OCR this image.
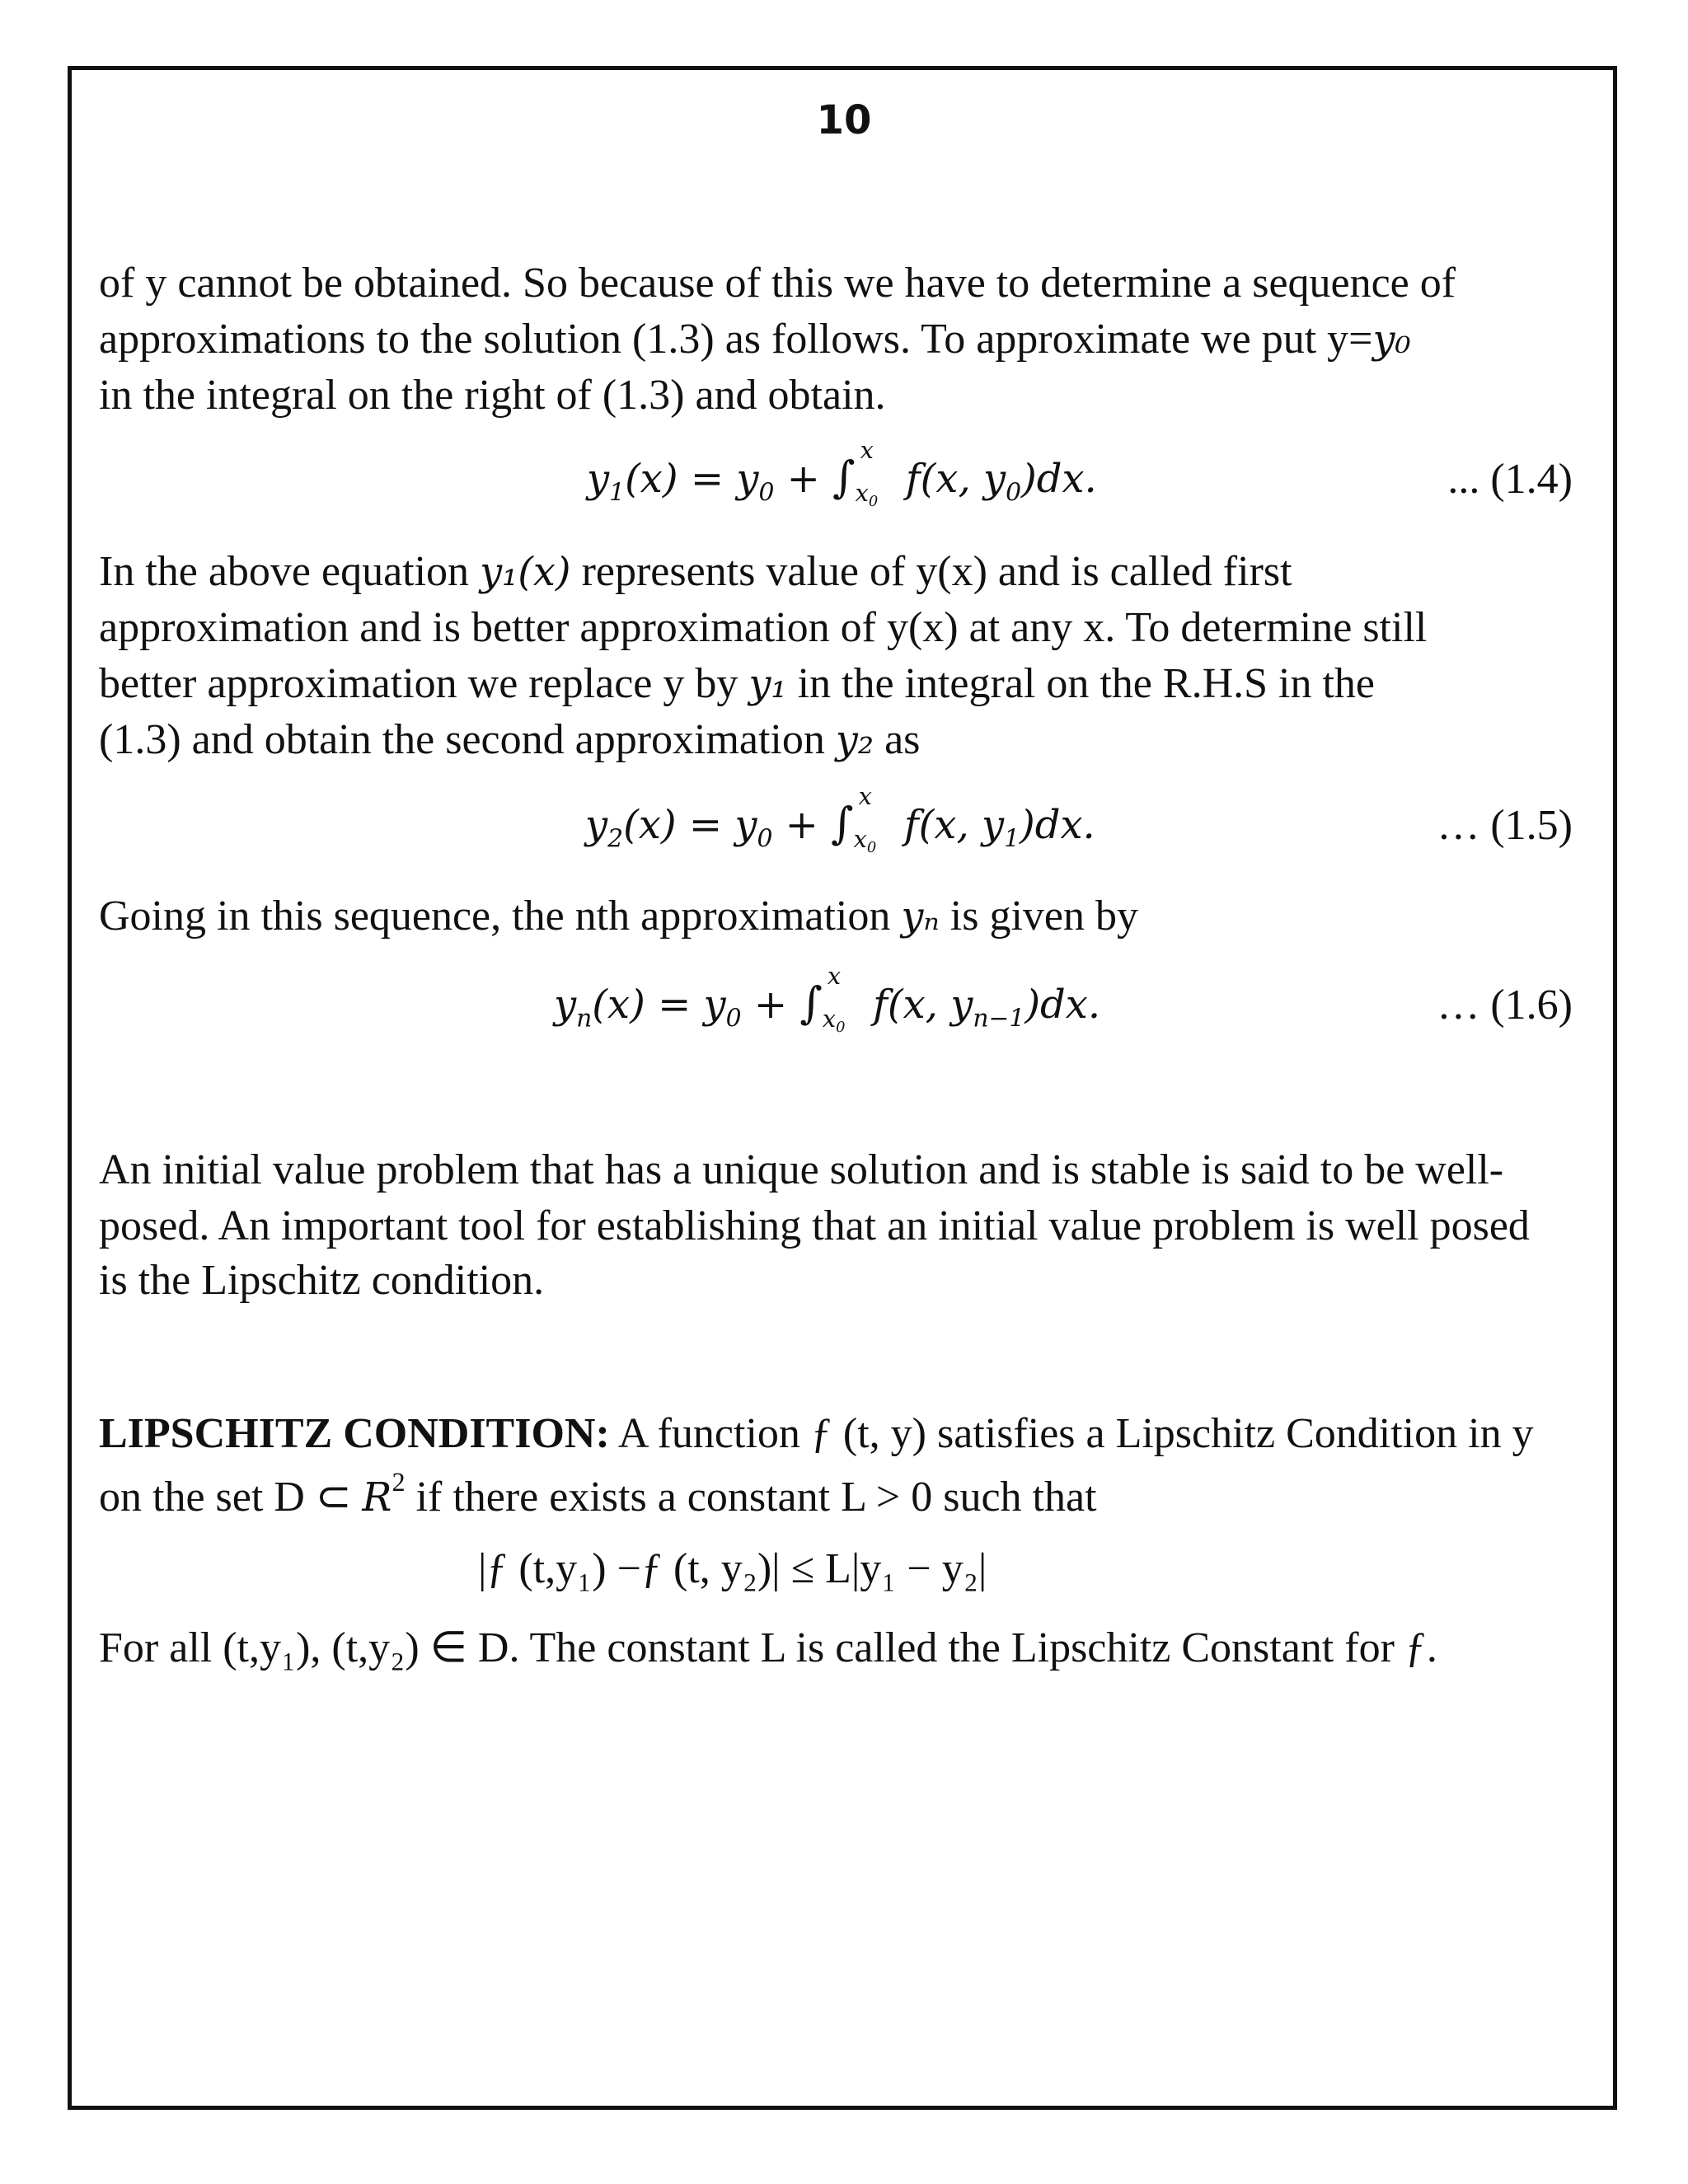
10
of y cannot be obtained. So because of this we have to determine a sequence of
approximations to the solution (1.3) as follows. To approximate we put y=y₀
in the integral on the right of (1.3) and obtain.
$y_1(x) = y_0$ + ∫
x
$x_0$ f(x, $y_0)dx$.	... (1.4)
In the above equation y₁(x) represents value of y(x) and is called first
approximation and is better approximation of y(x) at any x. To determine still
better approximation we replace y by y₁ in the integral on the R.H.S in the
(1.3) and obtain the second approximation y₂ as
$y_2(x) = y_0$ + ∫
x
$x_0$ f(x, $y_1)dx$.	… (1.5)
Going in this sequence, the nth approximation yₙ is given by
$y_n(x) = y_0$ + ∫
x
$x_0$ f(x, $y_{n-1})dx$.	… (1.6)
An initial value problem that has a unique solution and is stable is said to be well-
posed. An important tool for establishing that an initial value problem is well posed
is the Lipschitz condition.
LIPSCHITZ CONDITION: A function ƒ (t, y) satisfies a Lipschitz Condition in y
on the set D ⊂ $R^2$ if there exists a constant L > 0 such that
|ƒ (t,y₁) −ƒ (t, y₂)| ≤ L|y₁ − y₂|
For all (t,y₁), (t,y₂) ∈ D. The constant L is called the Lipschitz Constant for ƒ.
